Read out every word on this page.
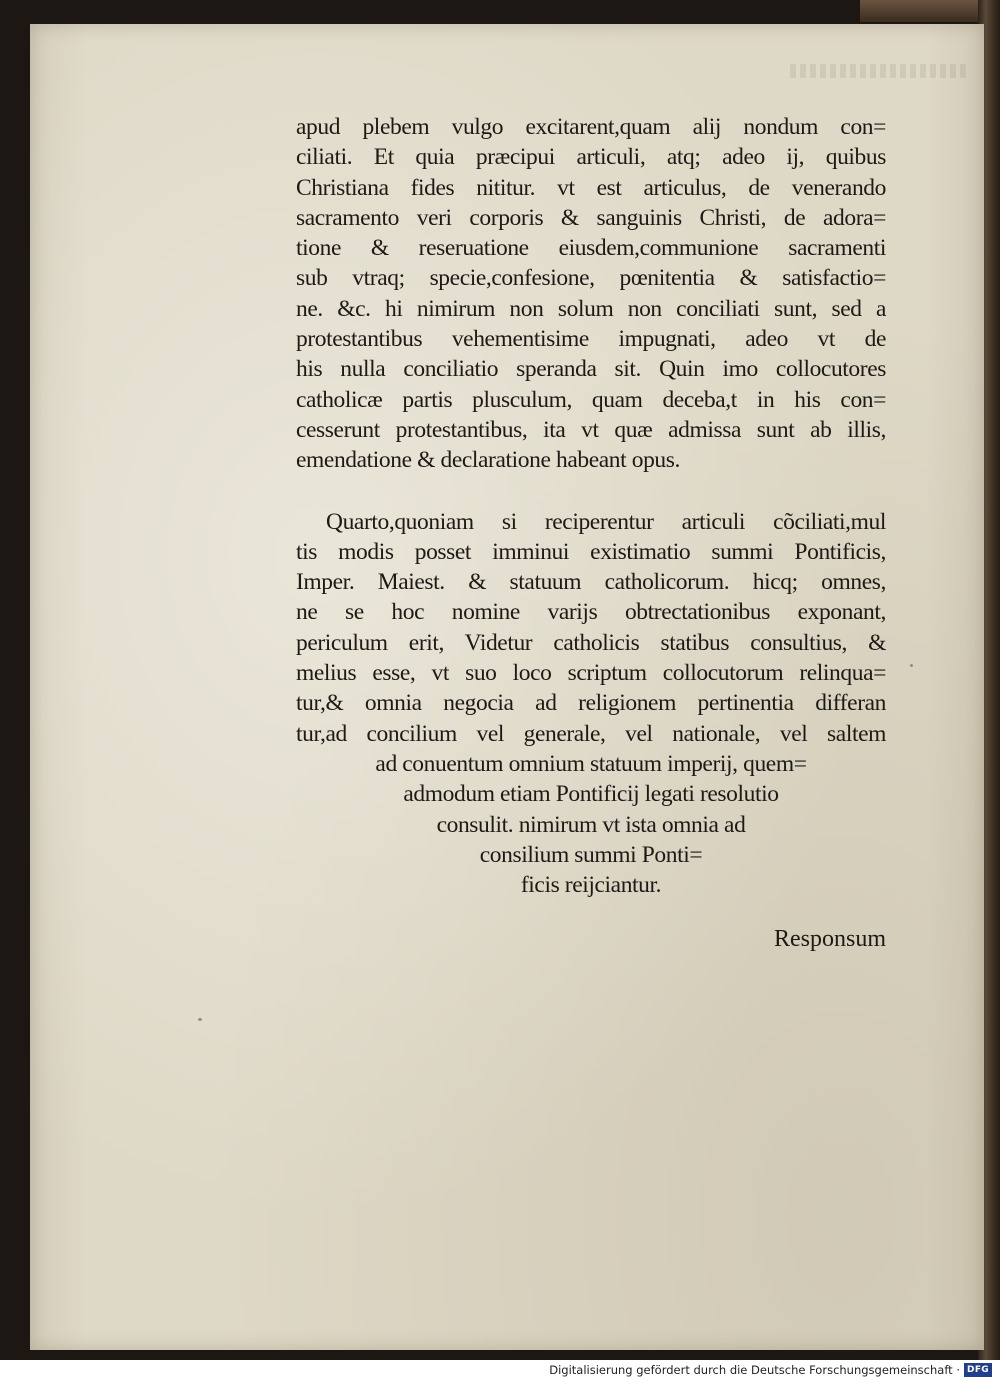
apud plebem vulgo excitarent,quam alij nondum con=
ciliati. Et quia præcipui articuli, atq; adeo ij, quibus
Christiana fides nititur. vt est articulus, de venerando
sacramento veri corporis & sanguinis Christi, de adora=
tione & reseruatione eiusdem,communione sacramenti
sub vtraq; specie,confesione, pœnitentia & satisfactio=
ne. &c. hi nimirum non solum non conciliati sunt, sed a
protestantibus vehementisime impugnati, adeo vt de
his nulla conciliatio speranda sit. Quin imo collocutores
catholicæ partis plusculum, quam deceba,t in his con=
cesserunt protestantibus, ita vt quæ admissa sunt ab illis,
emendatione & declaratione habeant opus.
Quarto,quoniam si reciperentur articuli cõciliati,mul
tis modis posset imminui existimatio summi Pontificis,
Imper. Maiest. & statuum catholicorum. hicq; omnes,
ne se hoc nomine varijs obtrectationibus exponant,
periculum erit, Videtur catholicis statibus consultius, &
melius esse, vt suo loco scriptum collocutorum relinqua=
tur,& omnia negocia ad religionem pertinentia differan
tur,ad concilium vel generale, vel nationale, vel saltem
ad conuentum omnium statuum imperij, quem=
admodum etiam Pontificij legati resolutio
consulit. nimirum vt ista omnia ad
consilium summi Ponti=
ficis reijciantur.
Responsum
Digitalisierung gefördert durch die Deutsche Forschungsgemeinschaft · DFG
